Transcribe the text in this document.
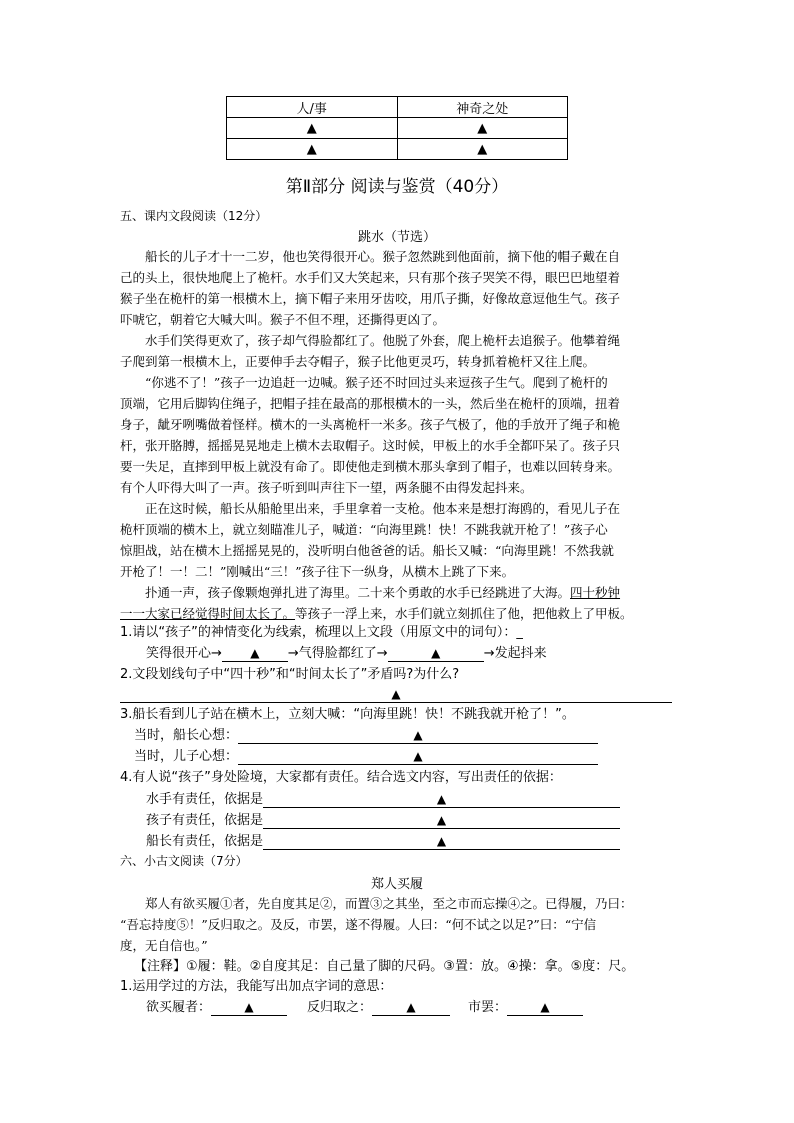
人/事	神奇之处
▲	▲
▲	▲
第Ⅱ部分 阅读与鉴赏（40分）
五、课内文段阅读（12分）
跳水（节选）
船长的儿子才十一二岁，他也笑得很开心。猴子忽然跳到他面前，摘下他的帽子戴在自
己的头上，很快地爬上了桅杆。水手们又大笑起来，只有那个孩子哭笑不得，眼巴巴地望着
猴子坐在桅杆的第一根横木上，摘下帽子来用牙齿咬，用爪子撕，好像故意逗他生气。孩子
吓唬它，朝着它大喊大叫。猴子不但不理，还撕得更凶了。
水手们笑得更欢了，孩子却气得脸都红了。他脱了外套，爬上桅杆去追猴子。他攀着绳
子爬到第一根横木上，正要伸手去夺帽子，猴子比他更灵巧，转身抓着桅杆又往上爬。
“你逃不了！”孩子一边追赶一边喊。猴子还不时回过头来逗孩子生气。爬到了桅杆的
顶端，它用后脚钩住绳子，把帽子挂在最高的那根横木的一头，然后坐在桅杆的顶端，扭着
身子，龇牙咧嘴做着怪样。横木的一头离桅杆一米多。孩子气极了，他的手放开了绳子和桅
杆，张开胳膊，摇摇晃晃地走上横木去取帽子。这时候，甲板上的水手全都吓呆了。孩子只
要一失足，直摔到甲板上就没有命了。即使他走到横木那头拿到了帽子，也难以回转身来。
有个人吓得大叫了一声。孩子听到叫声往下一望，两条腿不由得发起抖来。
正在这时候，船长从船舱里出来，手里拿着一支枪。他本来是想打海鸥的，看见儿子在
桅杆顶端的横木上，就立刻瞄准儿子，喊道：“向海里跳！快！不跳我就开枪了！”孩子心
惊胆战，站在横木上摇摇晃晃的，没听明白他爸爸的话。船长又喊：“向海里跳！不然我就
开枪了！一！二！”刚喊出“三！”孩子往下一纵身，从横木上跳了下来。
扑通一声，孩子像颗炮弹扎进了海里。二十来个勇敢的水手已经跳进了大海。四十秒钟
一一大家已经觉得时间太长了。等孩子一浮上来，水手们就立刻抓住了他，把他救上了甲板。
1.请以“孩子”的神情变化为线索，梳理以上文段（用原文中的词句）：_
笑得很开心→ ▲ →气得脸都红了→	▲	→发起抖来
2.文段划线句子中“四十秒”和“时间太长了”矛盾吗?为什么?
▲
3.船长看到儿子站在横木上，立刻大喊：“向海里跳！快！不跳我就开枪了！”。
当时，船长心想：	▲
当时，儿子心想：	▲
4.有人说“孩子”身处险境，大家都有责任。结合选文内容，写出责任的依据：
水手有责任，依据是	▲
孩子有责任，依据是	▲
船长有责任，依据是	▲
六、小古文阅读（7分）
郑人买履
郑人有欲买履①者，先自度其足②，而置③之其坐，至之市而忘操④之。已得履，乃曰：
“吾忘持度⑤！”反归取之。及反，市罢，遂不得履。人曰：“何不试之以足?”曰：“宁信
度，无自信也。”
【注释】①履：鞋。②自度其足：自己量了脚的尺码。③置：放。④操：拿。⑤度：尺。
1.运用学过的方法，我能写出加点字词的意思：
欲买履者：	▲	反归取之：	▲	市罢：	▲
